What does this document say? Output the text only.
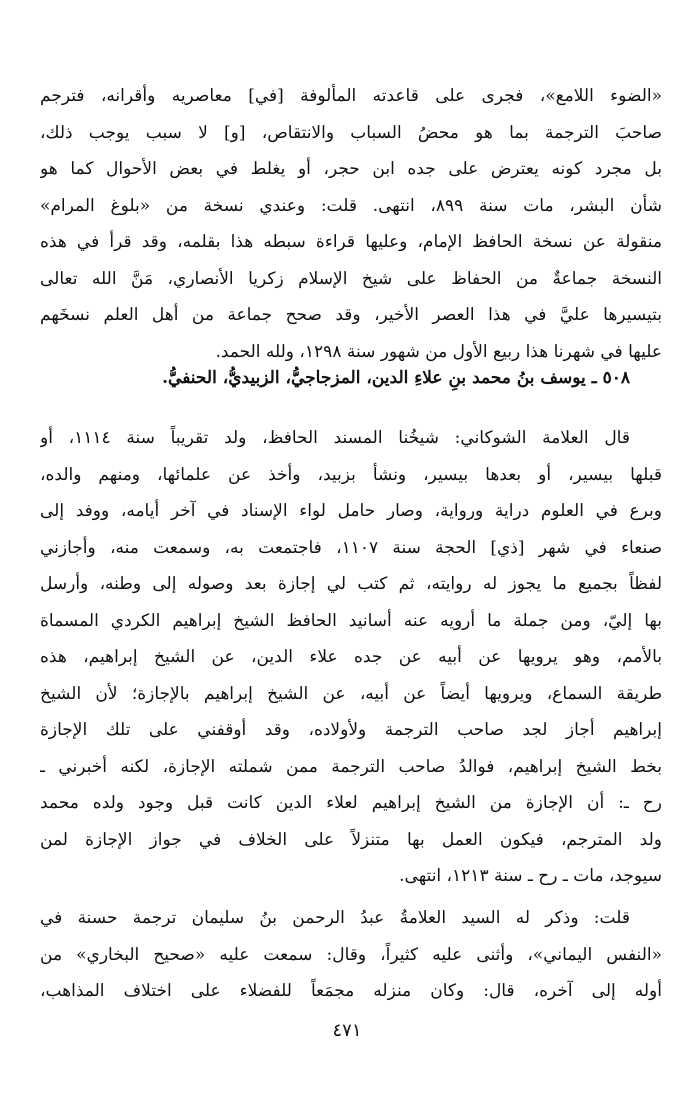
«الضوء اللامع»، فجرى على قاعدته المألوفة [في] معاصريه وأقرانه، فترجم
صاحبَ الترجمة بما هو محضُ السباب والانتقاص، [و] لا سبب يوجب ذلك،
بل مجرد كونه يعترض على جده ابن حجر، أو يغلط في بعض الأحوال كما هو
شأن البشر، مات سنة ٨٩٩، انتهى. قلت: وعندي نسخة من «بلوغ المرام»
منقولة عن نسخة الحافظ الإمام، وعليها قراءة سبطه هذا بقلمه، وقد قرأ في هذه
النسخة جماعةٌ من الحفاظ على شيخ الإسلام زكريا الأنصاري، مَنَّ الله تعالى
بتيسيرها عليَّ في هذا العصر الأخير، وقد صحح جماعة من أهل العلم نسخَهم
عليها في شهرنا هذا ربيع الأول من شهور سنة ١٢٩٨، ولله الحمد.
٥٠٨ ـ يوسف بنُ محمد بنِ علاءِ الدين، المزجاجيُّ، الزبيديُّ، الحنفيُّ.
قال العلامة الشوكاني: شيخُنا المسند الحافظ، ولد تقريباً سنة ١١١٤، أو
قبلها بيسير، أو بعدها بيسير، ونشأ بزبيد، وأخذ عن علمائها، ومنهم والده،
وبرع في العلوم دراية ورواية، وصار حامل لواء الإسناد في آخر أيامه، ووفد إلى
صنعاء في شهر [ذي] الحجة سنة ١١٠٧، فاجتمعت به، وسمعت منه، وأجازني
لفظاً بجميع ما يجوز له روايته، ثم كتب لي إجازة بعد وصوله إلى وطنه، وأرسل
بها إليّ، ومن جملة ما أرويه عنه أسانيد الحافظ الشيخ إبراهيم الكردي المسماة
بالأمم، وهو يرويها عن أبيه عن جده علاء الدين، عن الشيخ إبراهيم، هذه
طريقة السماع، ويرويها أيضاً عن أبيه، عن الشيخ إبراهيم بالإجازة؛ لأن الشيخ
إبراهيم أجاز لجد صاحب الترجمة ولأولاده، وقد أوقفني على تلك الإجازة
بخط الشيخ إبراهيم، فوالدُ صاحب الترجمة ممن شملته الإجازة، لكنه أخبرني ـ
رح ـ: أن الإجازة من الشيخ إبراهيم لعلاء الدين كانت قبل وجود ولده محمد
ولد المترجم، فيكون العمل بها متنزلاً على الخلاف في جواز الإجازة لمن
سيوجد، مات ـ رح ـ سنة ١٢١٣، انتهى.
قلت: وذكر له السيد العلامةُ عبدُ الرحمن بنُ سليمان ترجمة حسنة في
«النفس اليماني»، وأثنى عليه كثيراً، وقال: سمعت عليه «صحيح البخاري» من
أوله إلى آخره، قال: وكان منزله مجمَعاً للفضلاء على اختلاف المذاهب،
٤٧١
